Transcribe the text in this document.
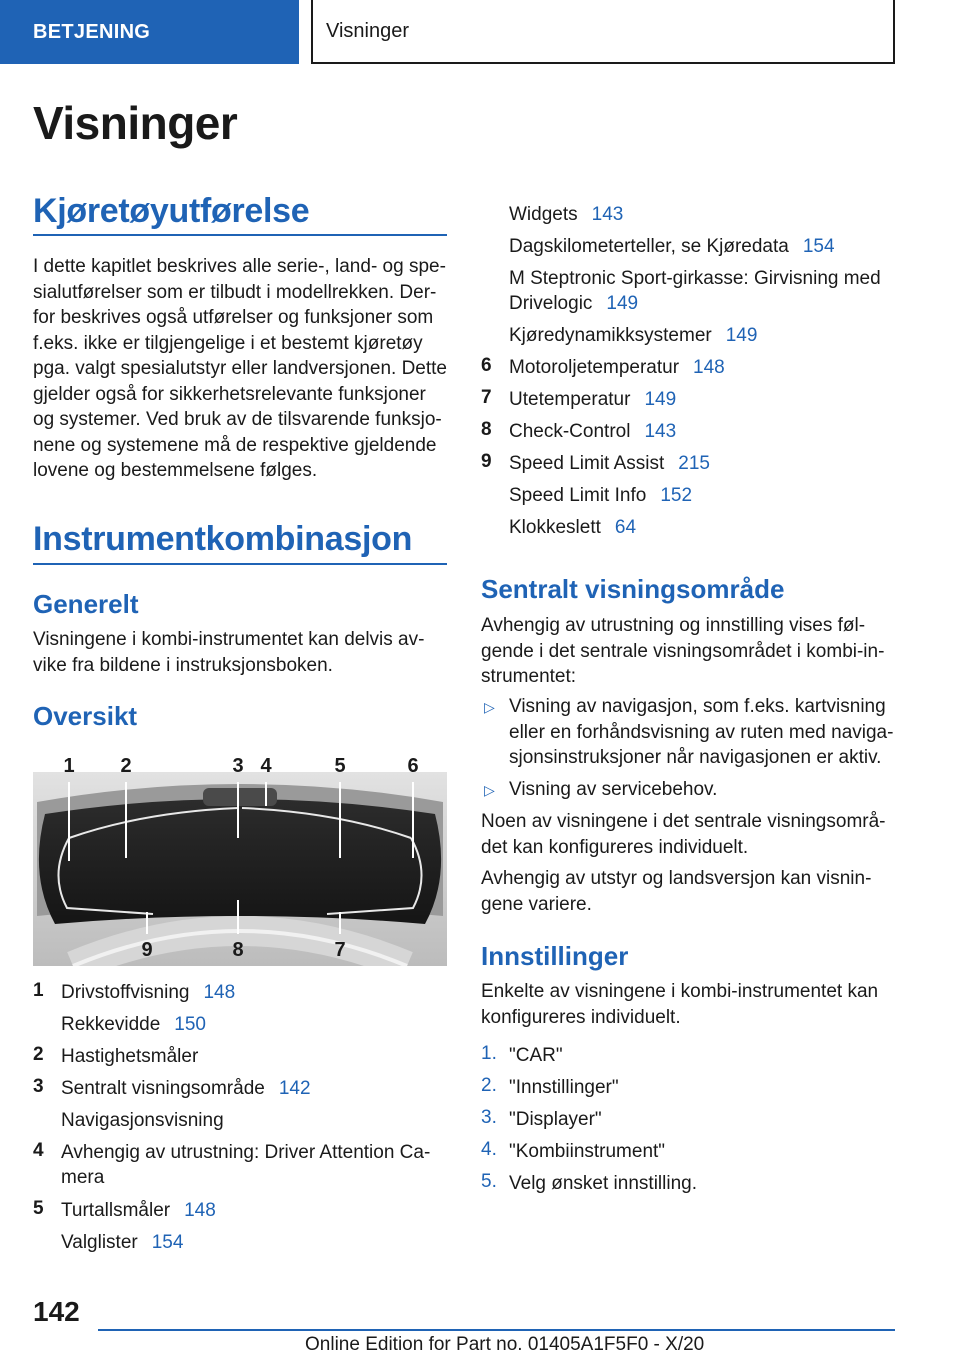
BETJENING	Visninger
Visninger
Kjøretøyutførelse
I dette kapitlet beskrives alle serie-, land- og spe-
sialutførelser som er tilbudt i modellrekken. Der-
for beskrives også utførelser og funksjoner som
f.eks. ikke er tilgjengelige i et bestemt kjøretøy
pga. valgt spesialutstyr eller landversjonen. Dette
gjelder også for sikkerhetsrelevante funksjoner
og systemer. Ved bruk av de tilsvarende funksjo-
nene og systemene må de respektive gjeldende
lovene og bestemmelsene følges.
Instrumentkombinasjon
Generelt
Visningene i kombi-instrumentet kan delvis av-
vike fra bildene i instruksjonsboken.
Oversikt
1 2	3 4	5	6
9	8	7
1 Drivstoffvisning 148
Rekkevidde 150
2 Hastighetsmåler
3 Sentralt visningsområde 142
Navigasjonsvisning
4 Avhengig av utrustning: Driver Attention Ca-
mera
5 Turtallsmåler 148
Valglister 154
Widgets 143
Dagskilometerteller, se Kjøredata 154
M Steptronic Sport-girkasse: Girvisning med
Drivelogic 149
Kjøredynamikksystemer 149
6 Motoroljetemperatur 148
7 Utetemperatur 149
8 Check-Control 143
9 Speed Limit Assist 215
Speed Limit Info 152
Klokkeslett 64
Sentralt visningsområde
Avhengig av utrustning og innstilling vises føl-
gende i det sentrale visningsområdet i kombi-in-
strumentet:
▷ Visning av navigasjon, som f.eks. kartvisning
eller en forhåndsvisning av ruten med naviga-
sjonsinstruksjoner når navigasjonen er aktiv.
▷ Visning av servicebehov.
Noen av visningene i det sentrale visningsområ-
det kan konfigureres individuelt.
Avhengig av utstyr og landsversjon kan visnin-
gene variere.
Innstillinger
Enkelte av visningene i kombi-instrumentet kan
konfigureres individuelt.
1. "CAR"
2. "Innstillinger"
3. "Displayer"
4. "Kombiinstrument"
5. Velg ønsket innstilling.
142
Online Edition for Part no. 01405A1F5F0 - X/20
